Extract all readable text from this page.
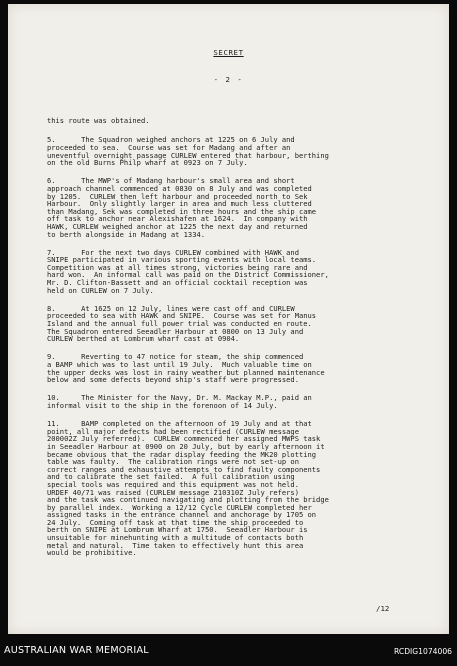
SECRET
- 2 -
this route was obtained.
5.      The Squadron weighed anchors at 1225 on 6 July and
proceeded to sea.  Course was set for Madang and after an
uneventful overnight passage CURLEW entered that harbour, berthing
on the old Burns Philp wharf at 0923 on 7 July.
6.      The MWP's of Madang harbour's small area and short
approach channel commenced at 0830 on 8 July and was completed
by 1205.  CURLEW then left harbour and proceeded north to Sek
Harbour.  Only slightly larger in area and much less cluttered
than Madang, Sek was completed in three hours and the ship came
off task to anchor near Alexishafen at 1624.  In company with
HAWK, CURLEW weighed anchor at 1225 the next day and returned
to berth alongside in Madang at 1334.
7.      For the next two days CURLEW combined with HAWK and
SNIPE participated in various sporting events with local teams.
Competition was at all times strong, victories being rare and
hard won.  An informal call was paid on the District Commissioner,
Mr. D. Clifton-Bassett and an official cocktail reception was
held on CURLEW on 7 July.
8.      At 1625 on 12 July, lines were cast off and CURLEW
proceeded to sea with HAWK and SNIPE.  Course was set for Manus
Island and the annual full power trial was conducted en route.
The Squadron entered Seeadler Harbour at 0800 on 13 July and
CURLEW berthed at Lombrum wharf cast at 0904.
9.      Reverting to 47 notice for steam, the ship commenced
a BAMP which was to last until 19 July.  Much valuable time on
the upper decks was lost in rainy weather but planned maintenance
below and some defects beyond ship's staff were progressed.
10.     The Minister for the Navy, Dr. M. Mackay M.P., paid an
informal visit to the ship in the forenoon of 14 July.
11.     BAMP completed on the afternoon of 19 July and at that
point, all major defects had been rectified (CURLEW message
200002Z July referred).  CURLEW commenced her assigned MWPS task
in Seeadler Harbour at 0900 on 20 July, but by early afternoon it
became obvious that the radar display feeding the MK20 plotting
table was faulty.  The calibration rings were not set-up on
correct ranges and exhaustive attempts to find faulty components
and to calibrate the set failed.  A full calibration using
special tools was required and this equipment was not held.
URDEF 40/71 was raised (CURLEW message 210310Z July refers)
and the task was continued navigating and plotting from the bridge
by parallel index.  Working a 12/12 Cycle CURLEW completed her
assigned tasks in the entrance channel and anchorage by 1705 on
24 July.  Coming off task at that time the ship proceeded to
berth on SNIPE at Lombrum Wharf at 1750.  Seeadler Harbour is
unsuitable for minehunting with a multitude of contacts both
metal and natural.  Time taken to effectively hunt this area
would be prohibitive.
/12
AUSTRALIAN WAR MEMORIAL	RCDIG1074006
